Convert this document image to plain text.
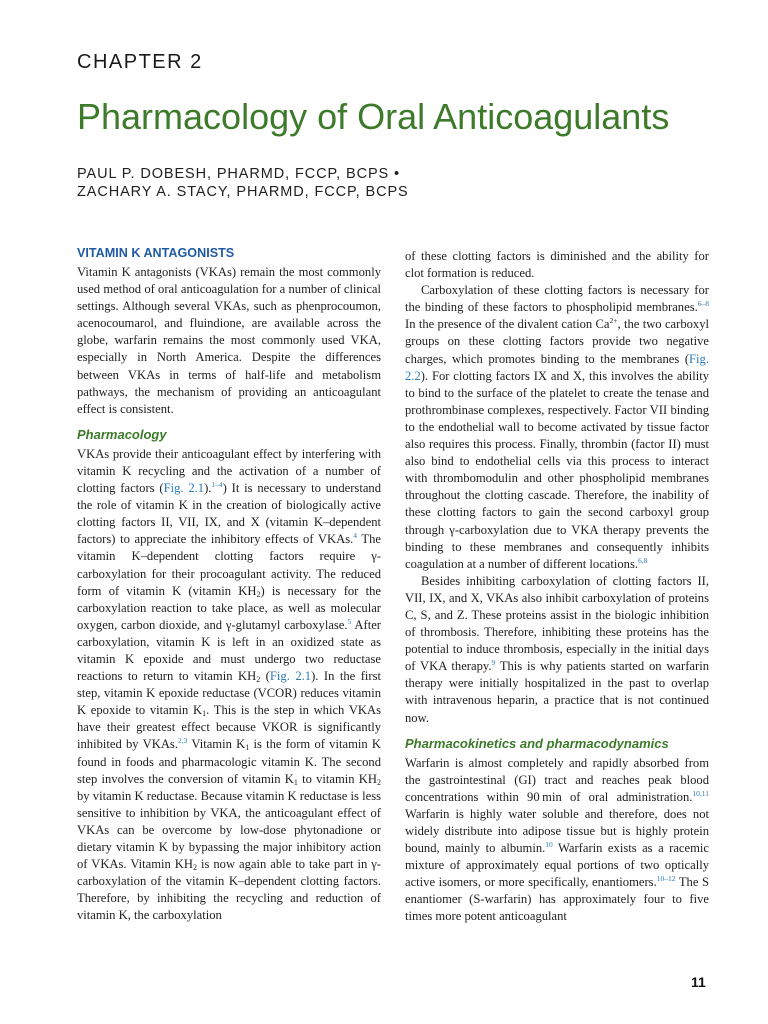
CHAPTER 2
Pharmacology of Oral Anticoagulants
PAUL P. DOBESH, PHARMD, FCCP, BCPS •
ZACHARY A. STACY, PHARMD, FCCP, BCPS
VITAMIN K ANTAGONISTS

Vitamin K antagonists (VKAs) remain the most commonly used method of oral anticoagulation for a number of clinical settings. Although several VKAs, such as phenprocoumon, acenocoumarol, and fluindione, are available across the globe, warfarin remains the most commonly used VKA, especially in North America. Despite the differences between VKAs in terms of half-life and metabolism pathways, the mechanism of providing an anticoagulant effect is consistent.

Pharmacology

VKAs provide their anticoagulant effect by interfering with vitamin K recycling and the activation of a number of clotting factors (Fig. 2.1).$^{1-4}$) It is necessary to understand the role of vitamin K in the creation of biologically active clotting factors II, VII, IX, and X (vitamin K–dependent factors) to appreciate the inhibitory effects of VKAs.$^4$ The vitamin K–dependent clotting factors require γ-carboxylation for their procoagulant activity. The reduced form of vitamin K (vitamin $KH_2$) is necessary for the carboxylation reaction to take place, as well as molecular oxygen, carbon dioxide, and γ-glutamyl carboxylase.$^5$ After carboxylation, vitamin K is left in an oxidized state as vitamin K epoxide and must undergo two reductase reactions to return to vitamin $KH_2$ (Fig. 2.1). In the first step, vitamin K epoxide reductase (VCOR) reduces vitamin K epoxide to vitamin $K_1$. This is the step in which VKAs have their greatest effect because VKOR is significantly inhibited by VKAs.$^{2,3}$ Vitamin $K_1$ is the form of vitamin K found in foods and pharmacologic vitamin K. The second step involves the conversion of vitamin $K_1$ to vitamin $KH_2$ by vitamin K reductase. Because vitamin K reductase is less sensitive to inhibition by VKA, the anticoagulant effect of VKAs can be overcome by low-dose phytonadione or dietary vitamin K by bypassing the major inhibitory action of VKAs. Vitamin $KH_2$ is now again able to take part in γ-carboxylation of the vitamin K–dependent clotting factors. Therefore, by inhibiting the recycling and reduction of vitamin K, the carboxylation

of these clotting factors is diminished and the ability for clot formation is reduced.

Carboxylation of these clotting factors is necessary for the binding of these factors to phospholipid membranes.$^{6-8}$ In the presence of the divalent cation $Ca^{2+}$, the two carboxyl groups on these clotting factors provide two negative charges, which promotes binding to the membranes (Fig. 2.2). For clotting factors IX and X, this involves the ability to bind to the surface of the platelet to create the tenase and prothrombinase complexes, respectively. Factor VII binding to the endothelial wall to become activated by tissue factor also requires this process. Finally, thrombin (factor II) must also bind to endothelial cells via this process to interact with thrombomodulin and other phospholipid membranes throughout the clotting cascade. Therefore, the inability of these clotting factors to gain the second carboxyl group through γ-carboxylation due to VKA therapy prevents the binding to these membranes and consequently inhibits coagulation at a number of different locations.$^{6,8}$

Besides inhibiting carboxylation of clotting factors II, VII, IX, and X, VKAs also inhibit carboxylation of proteins C, S, and Z. These proteins assist in the biologic inhibition of thrombosis. Therefore, inhibiting these proteins has the potential to induce thrombosis, especially in the initial days of VKA therapy.$^9$ This is why patients started on warfarin therapy were initially hospitalized in the past to overlap with intravenous heparin, a practice that is not continued now.

Pharmacokinetics and pharmacodynamics

Warfarin is almost completely and rapidly absorbed from the gastrointestinal (GI) tract and reaches peak blood concentrations within 90 min of oral administration.$^{10,11}$ Warfarin is highly water soluble and therefore, does not widely distribute into adipose tissue but is highly protein bound, mainly to albumin.$^{10}$ Warfarin exists as a racemic mixture of approximately equal portions of two optically active isomers, or more specifically, enantiomers.$^{10-12}$ The S enantiomer (S-warfarin) has approximately four to five times more potent anticoagulant

11
